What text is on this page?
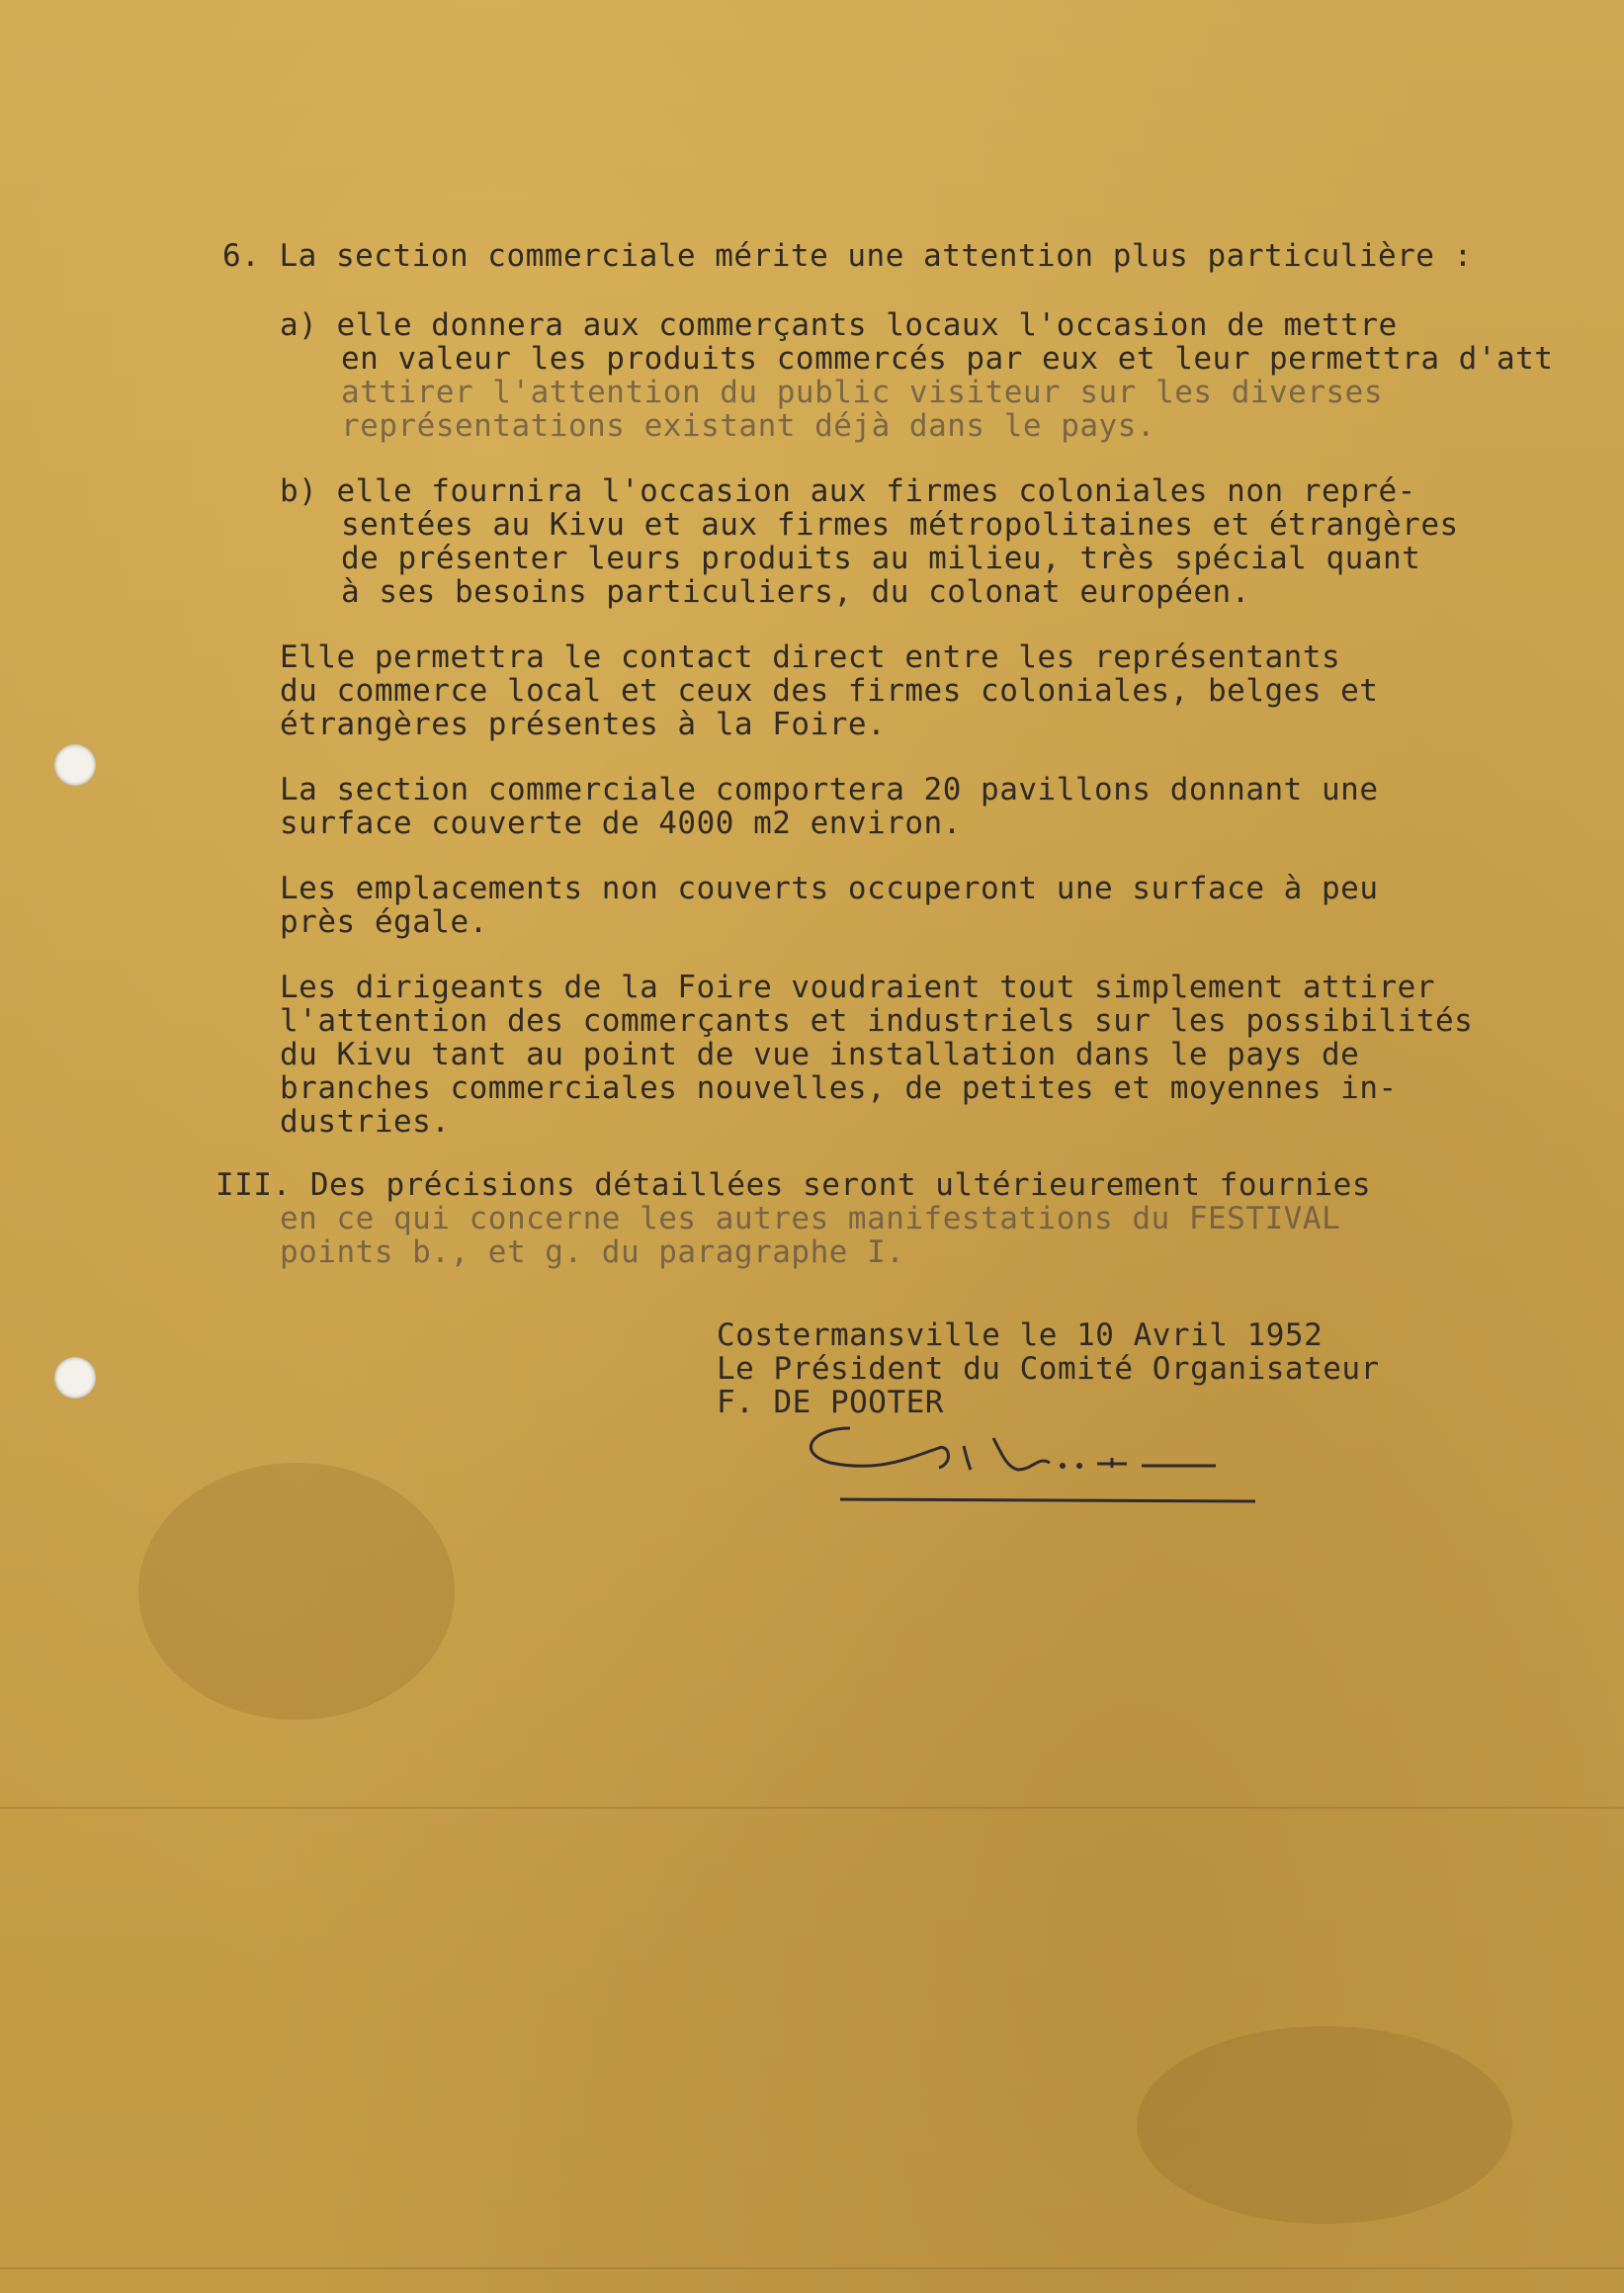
6. La section commerciale mérite une attention plus particulière :
a) elle donnera aux commerçants locaux l'occasion de mettre
en valeur les produits commercés par eux et leur permettra d'att
attirer l'attention du public visiteur sur les diverses
représentations existant déjà dans le pays.
b) elle fournira l'occasion aux firmes coloniales non repré-
sentées au Kivu et aux firmes métropolitaines et étrangères
de présenter leurs produits au milieu, très spécial quant
à ses besoins particuliers, du colonat européen.
Elle permettra le contact direct entre les représentants
du commerce local et ceux des firmes coloniales, belges et
étrangères présentes à la Foire.
La section commerciale comportera 20 pavillons donnant une
surface couverte de 4000 m2 environ.
Les emplacements non couverts occuperont une surface à peu
près égale.
Les dirigeants de la Foire voudraient tout simplement attirer
l'attention des commerçants et industriels sur les possibilités
du Kivu tant au point de vue installation dans le pays de
branches commerciales nouvelles, de petites et moyennes in-
dustries.
III. Des précisions détaillées seront ultérieurement fournies
en ce qui concerne les autres manifestations du FESTIVAL
points b., et g. du paragraphe I.
Costermansville le 10 Avril 1952
Le Président du Comité Organisateur
F. DE POOTER
